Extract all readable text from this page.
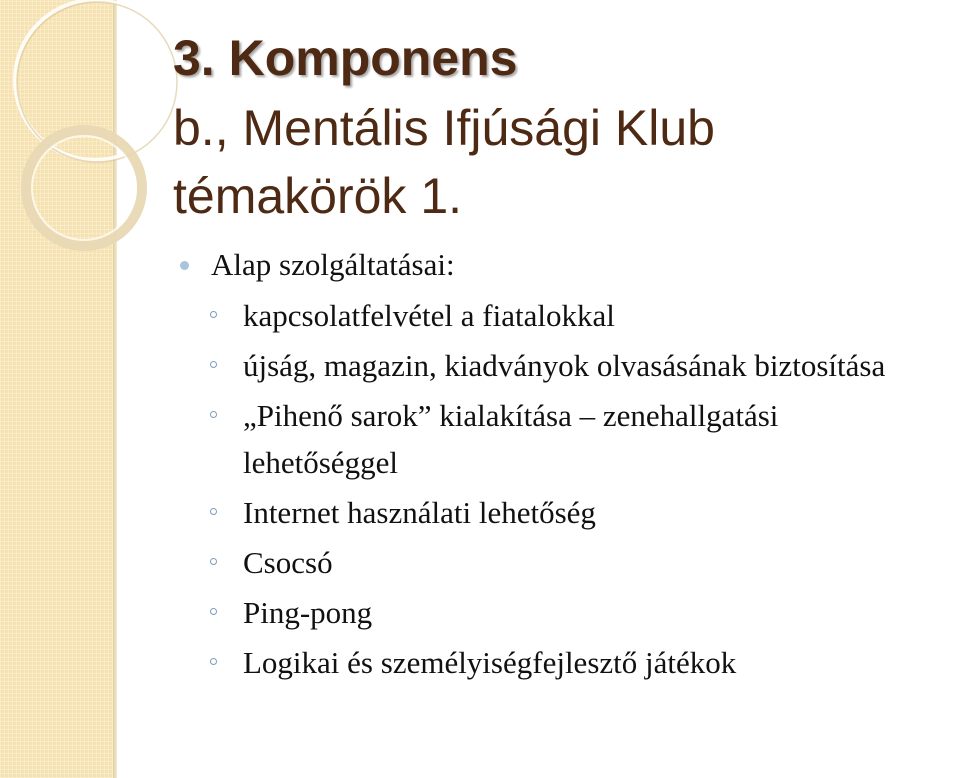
3. Komponens
b., Mentális Ifjúsági Klub
témakörök 1.
Alap szolgáltatásai:
kapcsolatfelvétel a fiatalokkal
újság, magazin, kiadványok olvasásának biztosítása
„Pihenő sarok” kialakítása – zenehallgatási lehetőséggel
Internet használati lehetőség
Csocsó
Ping-pong
Logikai és személyiségfejlesztő játékok
